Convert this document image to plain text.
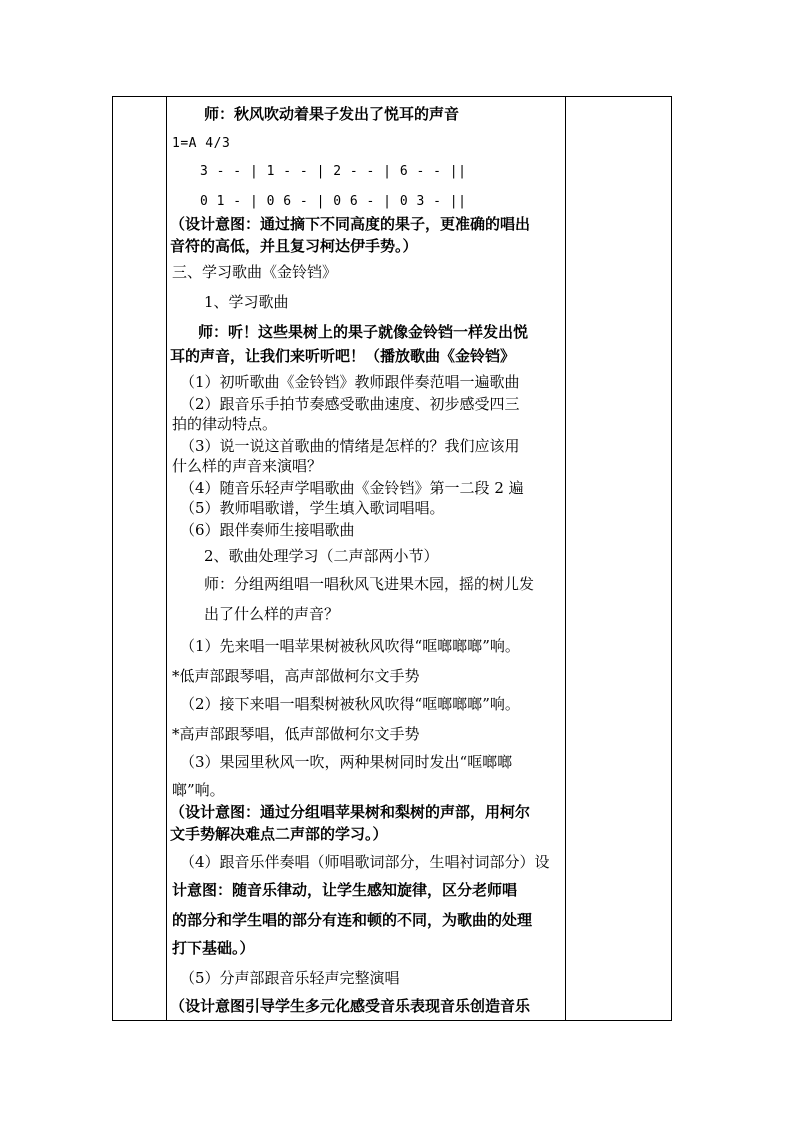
师：秋风吹动着果子发出了悦耳的声音
1=A 4/3
3 - - | 1 - - | 2 - - | 6 - - ||
0 1 - | 0 6 - | 0 6 - | 0 3 - ||
（设计意图：通过摘下不同高度的果子，更准确的唱出
音符的高低，并且复习柯达伊手势。）
三、学习歌曲《金铃铛》
1、学习歌曲
师：听！这些果树上的果子就像金铃铛一样发出悦
耳的声音，让我们来听听吧！（播放歌曲《金铃铛》
（1）初听歌曲《金铃铛》教师跟伴奏范唱一遍歌曲
（2）跟音乐手拍节奏感受歌曲速度、初步感受四三
拍的律动特点。
（3）说一说这首歌曲的情绪是怎样的？我们应该用
什么样的声音来演唱？
（4）随音乐轻声学唱歌曲《金铃铛》第一二段 2 遍
（5）教师唱歌谱，学生填入歌词唱唱。
（6）跟伴奏师生接唱歌曲
2、歌曲处理学习（二声部两小节）
师：分组两组唱一唱秋风飞进果木园，摇的树儿发
出了什么样的声音？
（1）先来唱一唱苹果树被秋风吹得“哐啷啷啷”响。
*低声部跟琴唱，高声部做柯尔文手势
（2）接下来唱一唱梨树被秋风吹得“哐啷啷啷”响。
*高声部跟琴唱，低声部做柯尔文手势
（3）果园里秋风一吹，两种果树同时发出“哐啷啷
啷”响。
（设计意图：通过分组唱苹果树和梨树的声部，用柯尔
文手势解决难点二声部的学习。）
（4）跟音乐伴奏唱（师唱歌词部分，生唱衬词部分）设
计意图：随音乐律动，让学生感知旋律，区分老师唱
的部分和学生唱的部分有连和顿的不同，为歌曲的处理
打下基础。）
（5）分声部跟音乐轻声完整演唱
（设计意图引导学生多元化感受音乐表现音乐创造音乐
